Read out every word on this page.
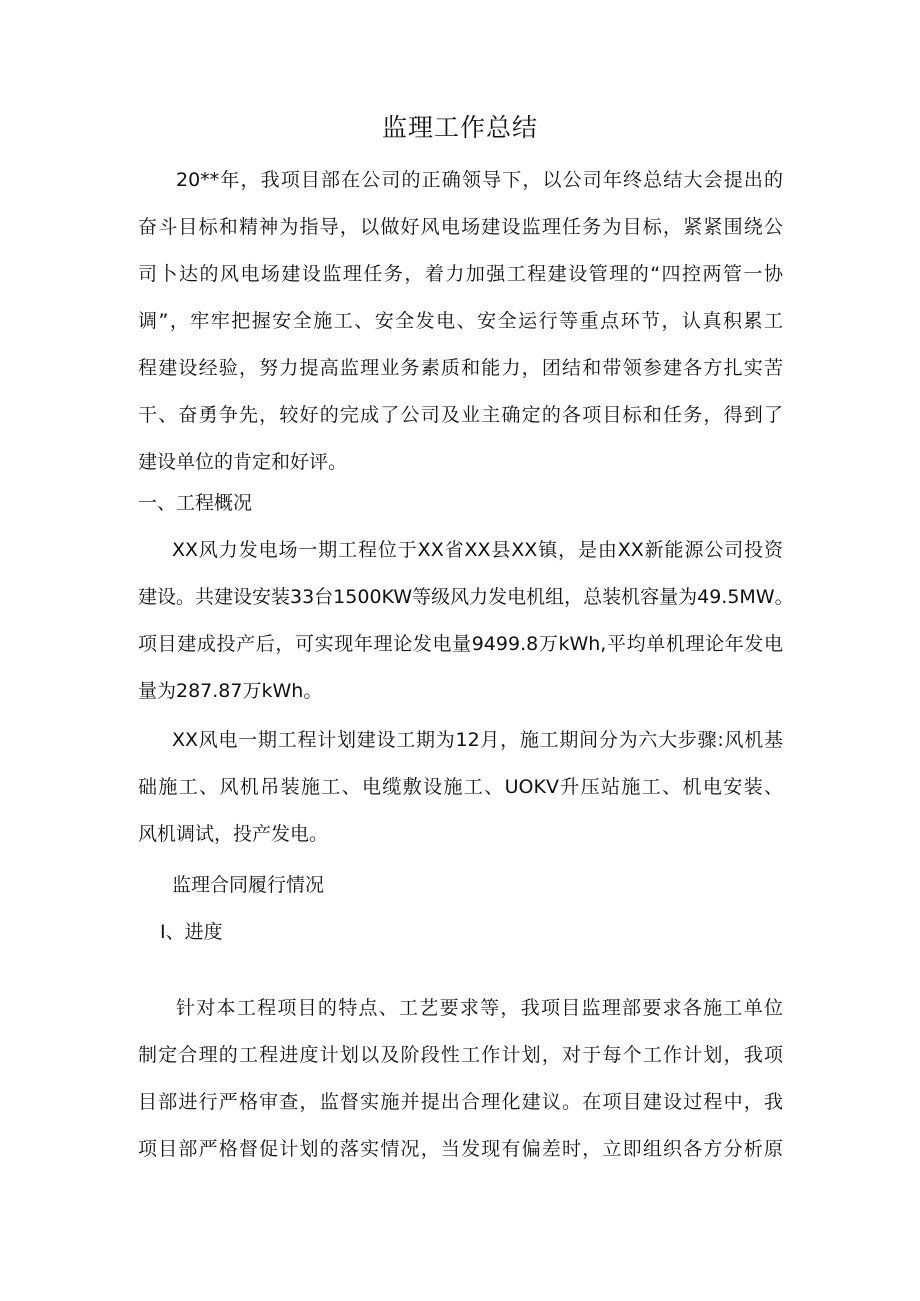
监理工作总结

20**年，我项目部在公司的正确领导下，以公司年终总结大会提出的
奋斗目标和精神为指导，以做好风电场建设监理任务为目标，紧紧围绕公
司卜达的风电场建设监理任务，着力加强工程建设管理的“四控两管一协
调”，牢牢把握安全施工、安全发电、安全运行等重点环节，认真积累工
程建设经验，努力提高监理业务素质和能力，团结和带领参建各方扎实苦
干、奋勇争先，较好的完成了公司及业主确定的各项目标和任务，得到了
建设单位的肯定和好评。

一、工程概况

XX风力发电场一期工程位于XX省XX县XX镇，是由XX新能源公司投资
建设。共建设安装33台1500KW等级风力发电机组，总装机容量为49.5MW。
项目建成投产后，可实现年理论发电量9499.8万kWh,平均单机理论年发电
量为287.87万kWh。

XX风电一期工程计划建设工期为12月，施工期间分为六大步骤:风机基
础施工、风机吊装施工、电缆敷设施工、UOKV升压站施工、机电安装、
风机调试，投产发电。

监理合同履行情况
I、进度

针对本工程项目的特点、工艺要求等，我项目监理部要求各施工单位
制定合理的工程进度计划以及阶段性工作计划，对于每个工作计划，我项
目部进行严格审查，监督实施并提出合理化建议。在项目建设过程中，我
项目部严格督促计划的落实情况，当发现有偏差时，立即组织各方分析原
